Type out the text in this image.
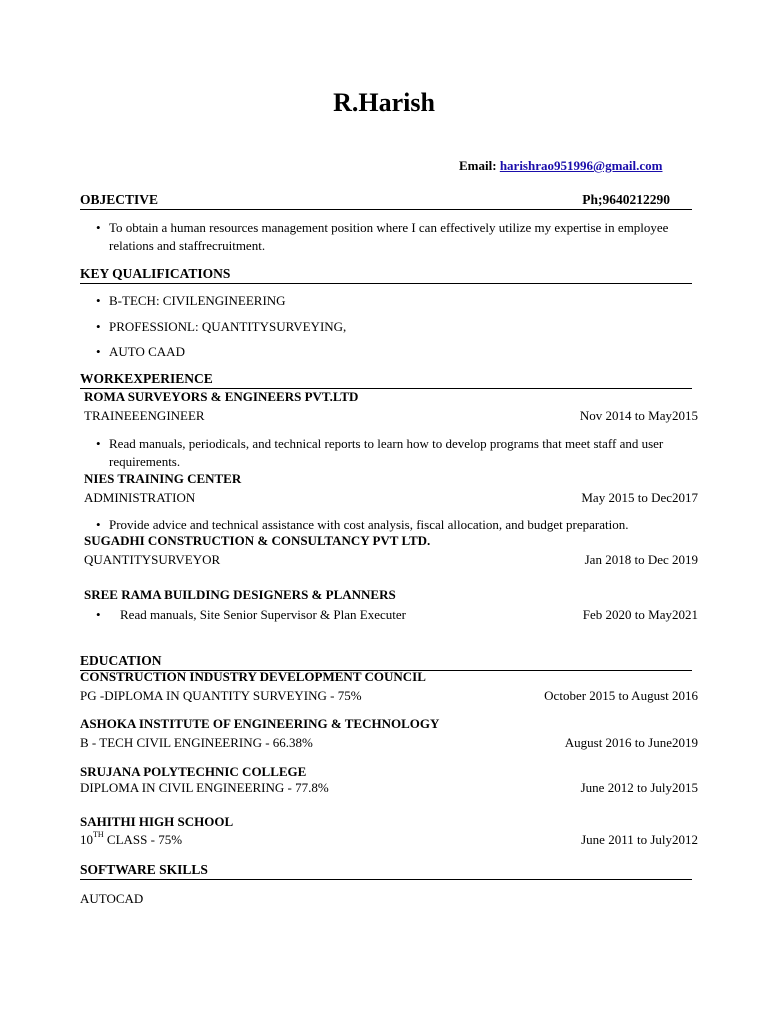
R.Harish
Email: harishrao951996@gmail.com
OBJECTIVE	Ph;9640212290
• To obtain a human resources management position where I can effectively utilize my expertise in employee relations and staffrecruitment.
KEY QUALIFICATIONS
• B-TECH: CIVILENGINEERING
• PROFESSIONL: QUANTITYSURVEYING,
• AUTO CAAD
WORKEXPERIENCE
ROMA SURVEYORS & ENGINEERS PVT.LTD
TRAINEEENGINEER	Nov 2014 to May2015
• Read manuals, periodicals, and technical reports to learn how to develop programs that meet staff and user requirements.
NIES TRAINING CENTER
ADMINISTRATION	May 2015 to Dec2017
• Provide advice and technical assistance with cost analysis, fiscal allocation, and budget preparation.
SUGADHI CONSTRUCTION & CONSULTANCY PVT LTD.
QUANTITYSURVEYOR	Jan 2018 to Dec 2019
SREE RAMA BUILDING DESIGNERS & PLANNERS
•	Read manuals, Site Senior Supervisor & Plan Executer	Feb 2020 to May2021
EDUCATION
CONSTRUCTION INDUSTRY DEVELOPMENT COUNCIL
PG -DIPLOMA IN QUANTITY SURVEYING - 75%	October 2015 to August 2016
ASHOKA INSTITUTE OF ENGINEERING & TECHNOLOGY
B - TECH CIVIL ENGINEERING - 66.38%	August 2016 to June2019
SRUJANA POLYTECHNIC COLLEGE
DIPLOMA IN CIVIL ENGINEERING - 77.8%	June 2012 to July2015
SAHITHI HIGH SCHOOL
10TH CLASS - 75%	June 2011 to July2012
SOFTWARE SKILLS
AUTOCAD
